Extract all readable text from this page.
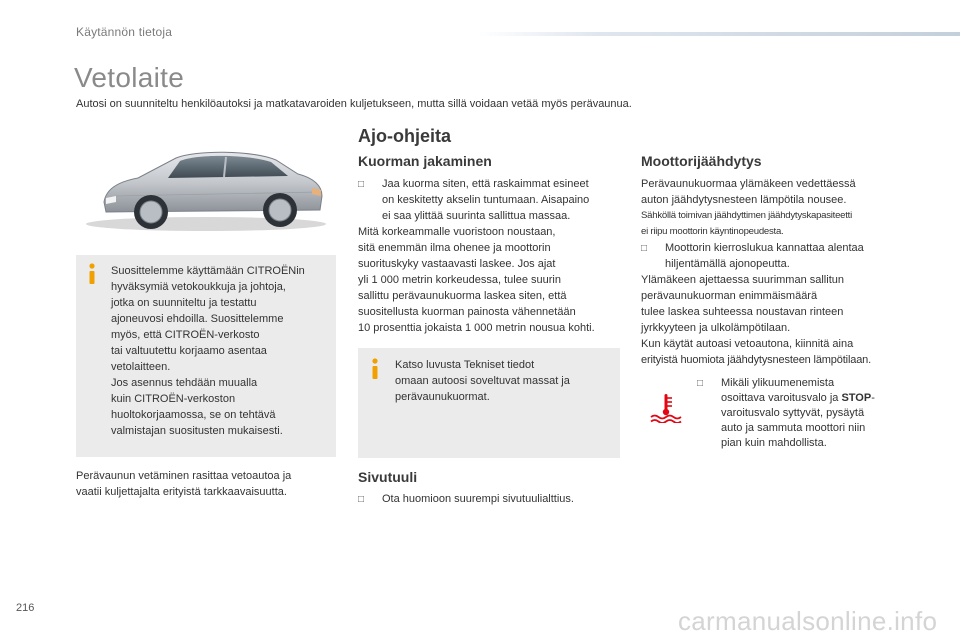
Käytännön tietoja
Vetolaite
Autosi on suunniteltu henkilöautoksi ja matkatavaroiden kuljetukseen, mutta sillä voidaan vetää myös perävaunua.
Suosittelemme käyttämään CITROËNin
hyväksymiä vetokoukkuja ja johtoja,
jotka on suunniteltu ja testattu
ajoneuvosi ehdoilla. Suosittelemme
myös, että CITROËN-verkosto
tai valtuutettu korjaamo asentaa
vetolaitteen.
Jos asennus tehdään muualla
kuin CITROËN-verkoston
huoltokorjaamossa, se on tehtävä
valmistajan suositusten mukaisesti.
Perävaunun vetäminen rasittaa vetoautoa ja
vaatii kuljettajalta erityistä tarkkaavaisuutta.
Ajo-ohjeita
Kuorman jakaminen
□ Jaa kuorma siten, että raskaimmat esineet
on keskitetty akselin tuntumaan. Aisapaino
ei saa ylittää suurinta sallittua massaa.
Mitä korkeammalle vuoristoon noustaan,
sitä enemmän ilma ohenee ja moottorin
suorituskyky vastaavasti laskee. Jos ajat
yli 1 000 metrin korkeudessa, tulee suurin
sallittu perävaunukuorma laskea siten, että
suositellusta kuorman painosta vähennetään
10 prosenttia jokaista 1 000 metrin nousua kohti.
Katso luvusta Tekniset tiedot
omaan autoosi soveltuvat massat ja
perävaunukuormat.
Sivutuuli
□ Ota huomioon suurempi sivutuulialttius.
Moottorijäähdytys
Perävaunukuormaa ylämäkeen vedettäessä
auton jäähdytysnesteen lämpötila nousee.
Sähköllä toimivan jäähdyttimen jäähdytyskapasiteetti
ei riipu moottorin käyntinopeudesta.
□ Moottorin kierroslukua kannattaa alentaa
hiljentämällä ajonopeutta.
Ylämäkeen ajettaessa suurimman sallitun
perävaunukuorman enimmäismäärä
tulee laskea suhteessa noustavan rinteen
jyrkkyyteen ja ulkolämpötilaan.
Kun käytät autoasi vetoautona, kiinnitä aina
erityistä huomiota jäähdytysnesteen lämpötilaan.
□ Mikäli ylikuumenemista
osoittava varoitusvalo ja STOP-
varoitusvalo syttyvät, pysäytä
auto ja sammuta moottori niin
pian kuin mahdollista.
216	carmanualsonline.info
